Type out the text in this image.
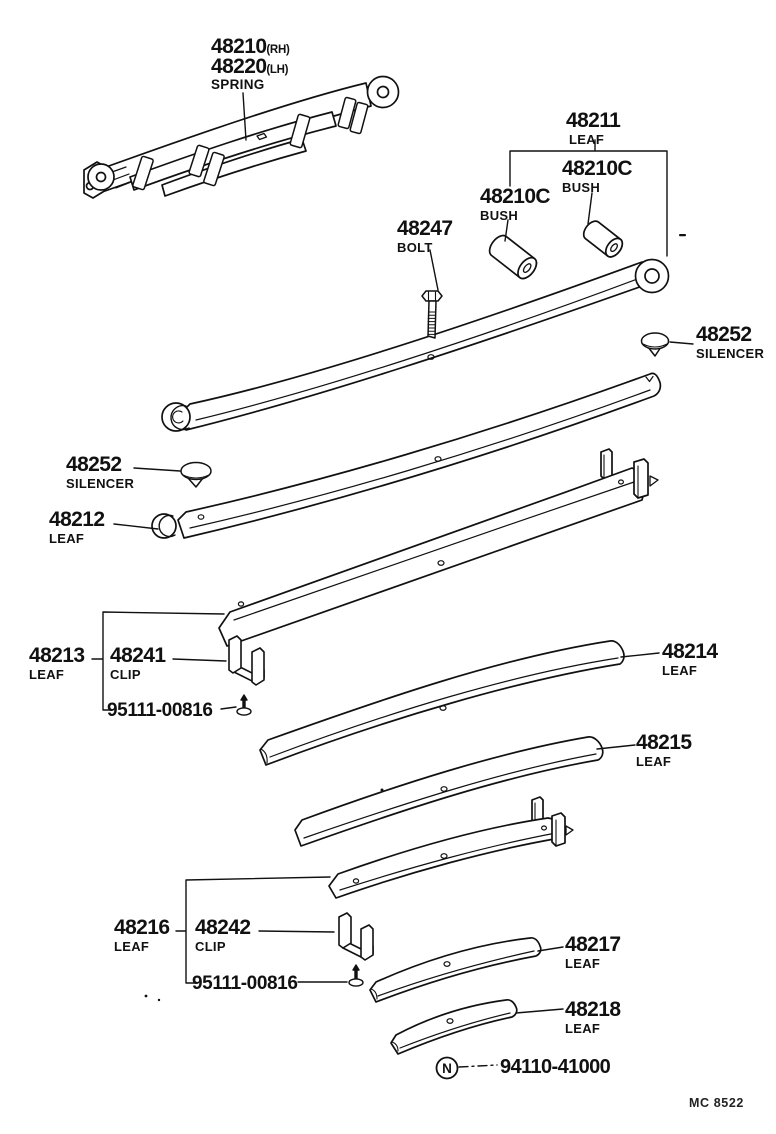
N
48210(RH)
48220(LH)
SPRING
48211
LEAF
48210C
BUSH
48210C
BUSH
48247
BOLT
48252
SILENCER
48252
SILENCER
48212
LEAF
48213
LEAF
48241
CLIP
95111-00816
48214
LEAF
48215
LEAF
48216
LEAF
48242
CLIP
95111-00816
48217
LEAF
48218
LEAF
94110-41000
MC 8522
